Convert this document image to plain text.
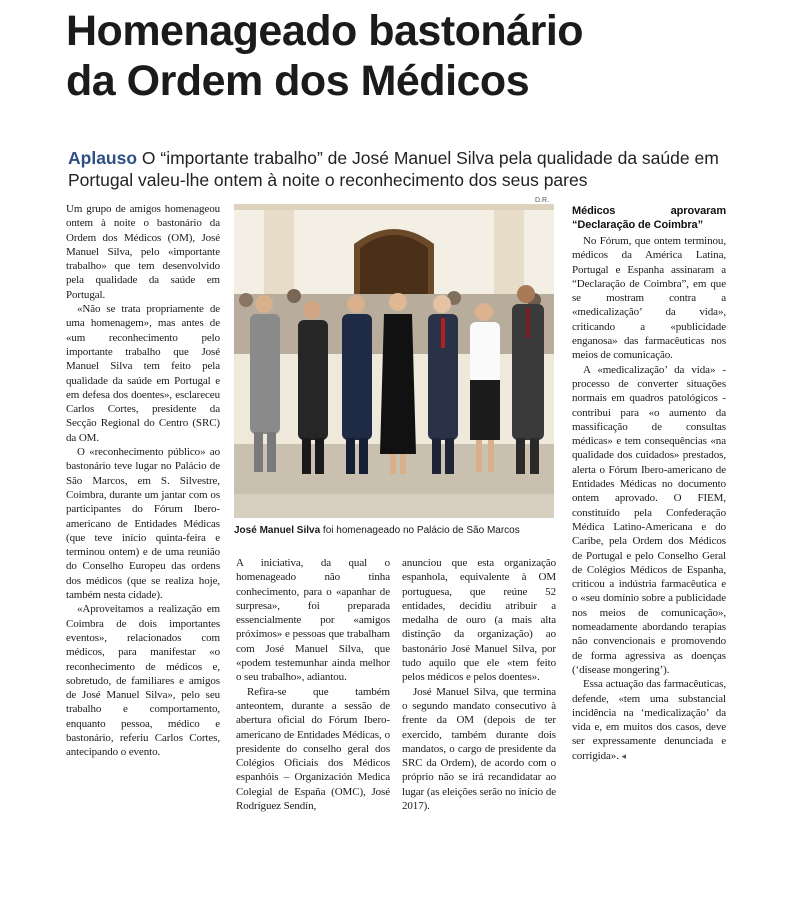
Homenageado bastonário
da Ordem dos Médicos
Aplauso O “importante trabalho” de José Manuel Silva pela qualidade da saúde em Portugal valeu-lhe ontem à noite o reconhecimento dos seus pares
D.R.

Um grupo de amigos homenageou ontem à noite o bastonário da Ordem dos Médicos (OM), José Manuel Silva, pelo «importante trabalho» que tem desenvolvido pela qualidade da saúde em Portugal.

«Não se trata propriamente de uma homenagem», mas antes de «um reconhecimento pelo importante trabalho que José Manuel Silva tem feito pela qualidade da saúde em Portugal e em defesa dos doentes», esclareceu Carlos Cortes, presidente da Secção Regional do Centro (SRC) da OM.

O «reconhecimento público» ao bastonário teve lugar no Palácio de São Marcos, em S. Silvestre, Coimbra, durante um jantar com os participantes do Fórum Ibero-americano de Entidades Médicas (que teve início quinta-feira e terminou ontem) e de uma reunião do Conselho Europeu das ordens dos médicos (que se realiza hoje, também nesta cidade).

«Aproveitamos a realização em Coimbra de dois importantes eventos», relacionados com médicos, para manifestar «o reconhecimento de médicos e, sobretudo, de familiares e amigos de José Manuel Silva», pelo seu trabalho e comportamento, enquanto pessoa, médico e bastonário, referiu Carlos Cortes, antecipando o evento.

José Manuel Silva foi homenageado no Palácio de São Marcos

A iniciativa, da qual o homenageado não tinha conhecimento, para o «apanhar de surpresa», foi preparada essencialmente por «amigos próximos» e pessoas que trabalham com José Manuel Silva, que «podem testemunhar ainda melhor o seu trabalho», adiantou.

Refira-se que também anteontem, durante a sessão de abertura oficial do Fórum Ibero-americano de Entidades Médicas, o presidente do conselho geral dos Colégios Oficiais dos Médicos espanhóis – Organización Medica Colegial de España (OMC), José Rodríguez Sendín,

anunciou que esta organização espanhola, equivalente à OM portuguesa, que reúne 52 entidades, decidiu atribuir a medalha de ouro (a mais alta distinção da organização) ao bastonário José Manuel Silva, por tudo aquilo que ele «tem feito pelos médicos e pelos doentes».

José Manuel Silva, que termina o segundo mandato consecutivo à frente da OM (depois de ter exercido, também durante dois mandatos, o cargo de presidente da SRC da Ordem), de acordo com o próprio não se irá recandidatar ao lugar (as eleições serão no início de 2017).

Médicos aprovaram “Declaração de Coimbra”

No Fórum, que ontem terminou, médicos da América Latina, Portugal e Espanha assinaram a “Declaração de Coimbra”, em que se mostram contra a «medicalização’ da vida», criticando a «publicidade enganosa» das farmacêuticas nos meios de comunicação.

A «medicalização’ da vida» - processo de converter situações normais em quadros patológicos - contribui para «o aumento da massificação de consultas médicas» e tem consequências «na qualidade dos cuidados» prestados, alerta o Fórum Ibero-americano de Entidades Médicas no documento ontem aprovado. O FIEM, constituído pela Confederação Médica Latino-Americana e do Caribe, pela Ordem dos Médicos de Portugal e pelo Conselho Geral de Colégios Médicos de Espanha, criticou a indústria farmacêutica e o «seu domínio sobre a publicidade nos meios de comunicação», nomeadamente abordando terapias não convencionais e promovendo de forma agressiva as doenças (‘disease mongering’).

Essa actuação das farmacêuticas, defende, «tem uma substancial incidência na ‘medicalização’ da vida e, em muitos dos casos, deve ser expressamente denunciada e corrigida». ◂
